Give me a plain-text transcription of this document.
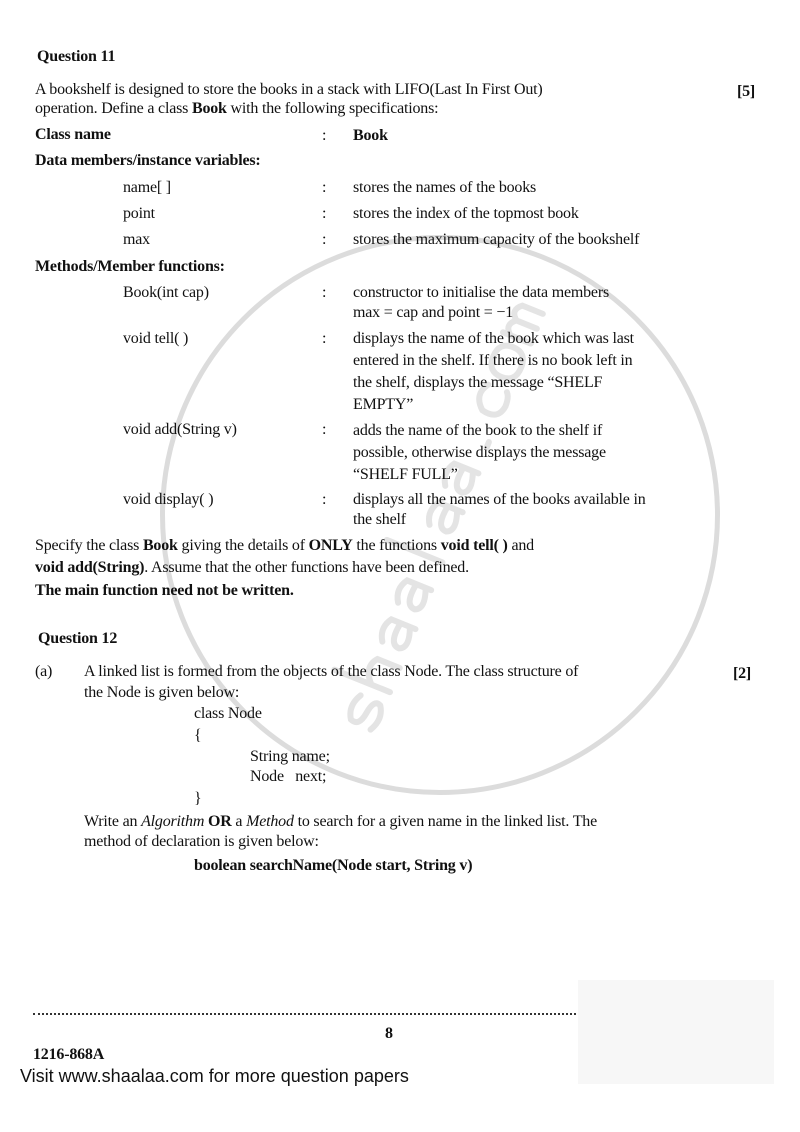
Question 11
A bookshelf is designed to store the books in a stack with LIFO(Last In First Out)
operation. Define a class Book with the following specifications:
[5]
Class name	: Book
Data members/instance variables:
name[ ]	: stores the names of the books
point	: stores the index of the topmost book
max	: stores the maximum capacity of the bookshelf
Methods/Member functions:
Book(int cap)	: constructor to initialise the data members
max = cap and point = −1
void tell( )	: displays the name of the book which was last
entered in the shelf. If there is no book left in
the shelf, displays the message “SHELF
EMPTY”
void add(String v)	: adds the name of the book to the shelf if
possible, otherwise displays the message
“SHELF FULL”
void display( )	: displays all the names of the books available in
the shelf
Specify the class Book giving the details of ONLY the functions void tell( ) and
void add(String). Assume that the other functions have been defined.
The main function need not be written.
Question 12
(a) A linked list is formed from the objects of the class Node. The class structure of
the Node is given below:
[2]
class Node
{
String name;
Node   next;
}
Write an Algorithm OR a Method to search for a given name in the linked list. The
method of declaration is given below:
boolean searchName(Node start, String v)
8
1216-868A
Visit www.shaalaa.com for more question papers
